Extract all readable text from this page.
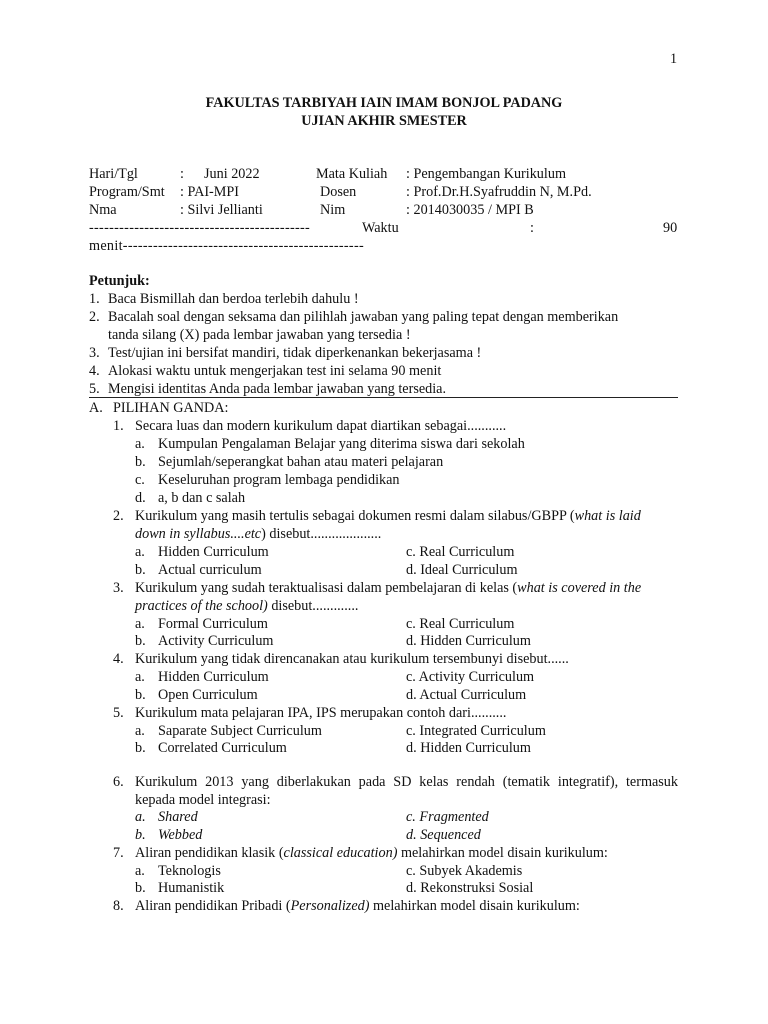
1
FAKULTAS TARBIYAH IAIN IMAM BONJOL PADANG
UJIAN AKHIR SMESTER
Hari/Tgl	: Juni 2022	Mata Kuliah : Pengembangan Kurikulum
Program/Smt : PAI-MPI	Dosen	: Prof.Dr.H.Syafruddin N, M.Pd.
Nma	: Silvi Jellianti	Nim	: 2014030035 / MPI B
--------------------------------------------	Waktu	:	90
menit------------------------------------------------
Petunjuk:
1. Baca Bismillah dan berdoa terlebih dahulu !
2. Bacalah soal dengan seksama dan pilihlah jawaban yang paling tepat dengan memberikan
tanda silang (X) pada lembar jawaban yang tersedia !
3. Test/ujian ini bersifat mandiri, tidak diperkenankan bekerjasama !
4. Alokasi waktu untuk mengerjakan test ini selama 90 menit
5. Mengisi identitas Anda pada lembar jawaban yang tersedia.
A. PILIHAN GANDA:
1. Secara luas dan modern kurikulum dapat diartikan sebagai...........
a. Kumpulan Pengalaman Belajar yang diterima siswa dari sekolah
b. Sejumlah/seperangkat bahan atau materi pelajaran
c. Keseluruhan program lembaga pendidikan
d. a, b dan c salah
2. Kurikulum yang masih tertulis sebagai dokumen resmi dalam silabus/GBPP (what is laid
down in syllabus....etc) disebut....................
a. Hidden Curriculum	c. Real Curriculum
b. Actual curriculum	d. Ideal Curriculum
3. Kurikulum yang sudah teraktualisasi dalam pembelajaran di kelas (what is covered in the
practices of the school) disebut.............
a. Formal Curriculum	c. Real Curriculum
b. Activity Curriculum	d. Hidden Curriculum
4. Kurikulum yang tidak direncanakan atau kurikulum tersembunyi disebut......
a. Hidden Curriculum	c. Activity Curriculum
b. Open Curriculum	d. Actual Curriculum
5. Kurikulum mata pelajaran IPA, IPS merupakan contoh dari..........
a. Saparate Subject Curriculum	c. Integrated Curriculum
b. Correlated Curriculum	d. Hidden Curriculum
6. Kurikulum 2013 yang diberlakukan pada SD kelas rendah (tematik integratif), termasuk
kepada model integrasi:
a. Shared	c. Fragmented
b. Webbed	d. Sequenced
7. Aliran pendidikan klasik (classical education) melahirkan model disain kurikulum:
a. Teknologis	c. Subyek Akademis
b. Humanistik	d. Rekonstruksi Sosial
8. Aliran pendidikan Pribadi (Personalized) melahirkan model disain kurikulum:
